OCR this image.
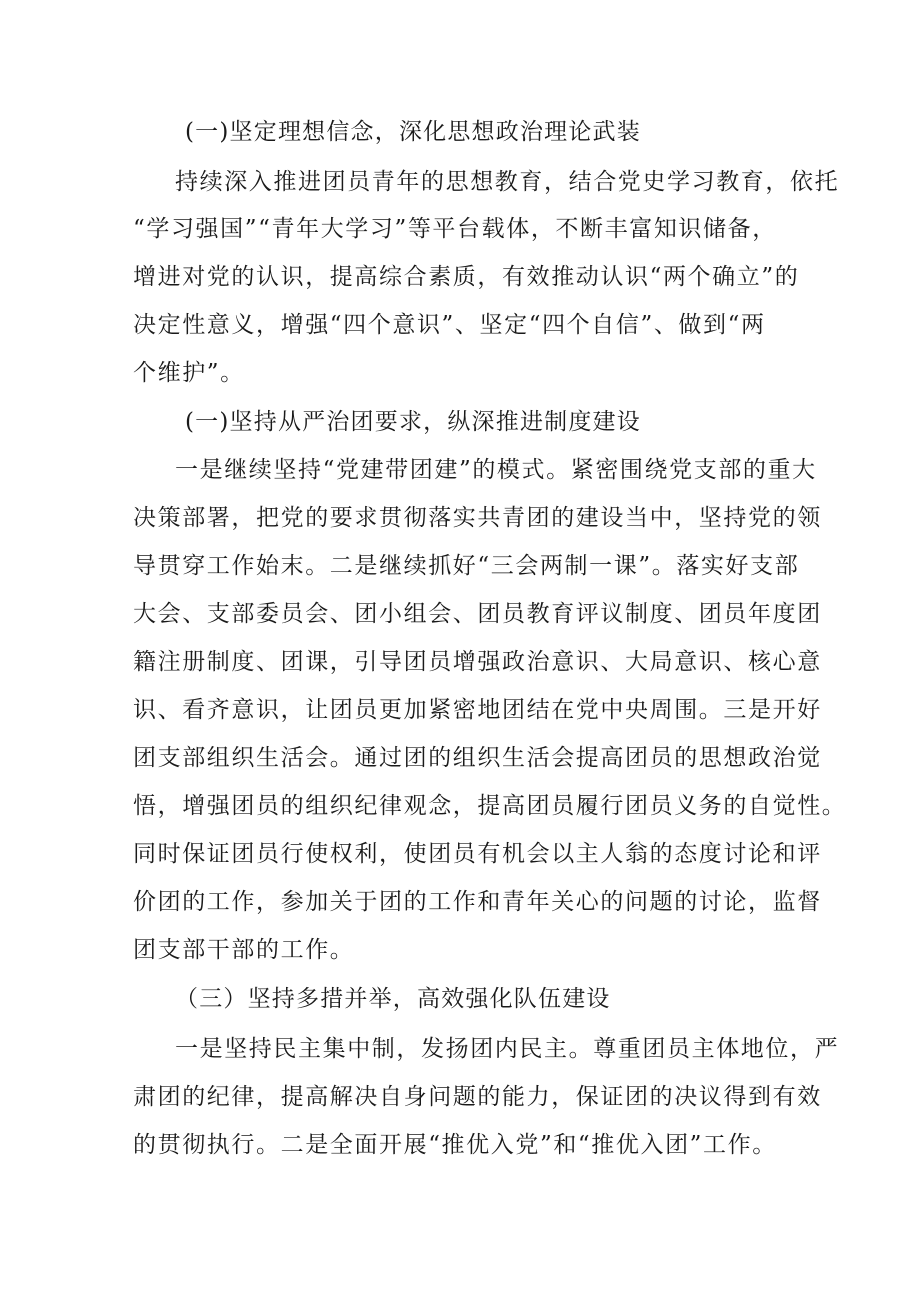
(一)坚定理想信念，深化思想政治理论武装
持续深入推进团员青年的思想教育，结合党史学习教育，依托
“学习强国”“青年大学习”等平台载体，不断丰富知识储备，
增进对党的认识，提高综合素质，有效推动认识“两个确立”的
决定性意义，增强“四个意识”、坚定“四个自信”、做到“两
个维护”。
(一)坚持从严治团要求，纵深推进制度建设
一是继续坚持“党建带团建”的模式。紧密围绕党支部的重大
决策部署，把党的要求贯彻落实共青团的建设当中，坚持党的领
导贯穿工作始末。二是继续抓好“三会两制一课”。落实好支部
大会、支部委员会、团小组会、团员教育评议制度、团员年度团
籍注册制度、团课，引导团员增强政治意识、大局意识、核心意
识、看齐意识，让团员更加紧密地团结在党中央周围。三是开好
团支部组织生活会。通过团的组织生活会提高团员的思想政治觉
悟，增强团员的组织纪律观念，提高团员履行团员义务的自觉性。
同时保证团员行使权利，使团员有机会以主人翁的态度讨论和评
价团的工作，参加关于团的工作和青年关心的问题的讨论，监督
团支部干部的工作。
（三）坚持多措并举，高效强化队伍建设
一是坚持民主集中制，发扬团内民主。尊重团员主体地位，严
肃团的纪律，提高解决自身问题的能力，保证团的决议得到有效
的贯彻执行。二是全面开展“推优入党”和“推优入团”工作。
